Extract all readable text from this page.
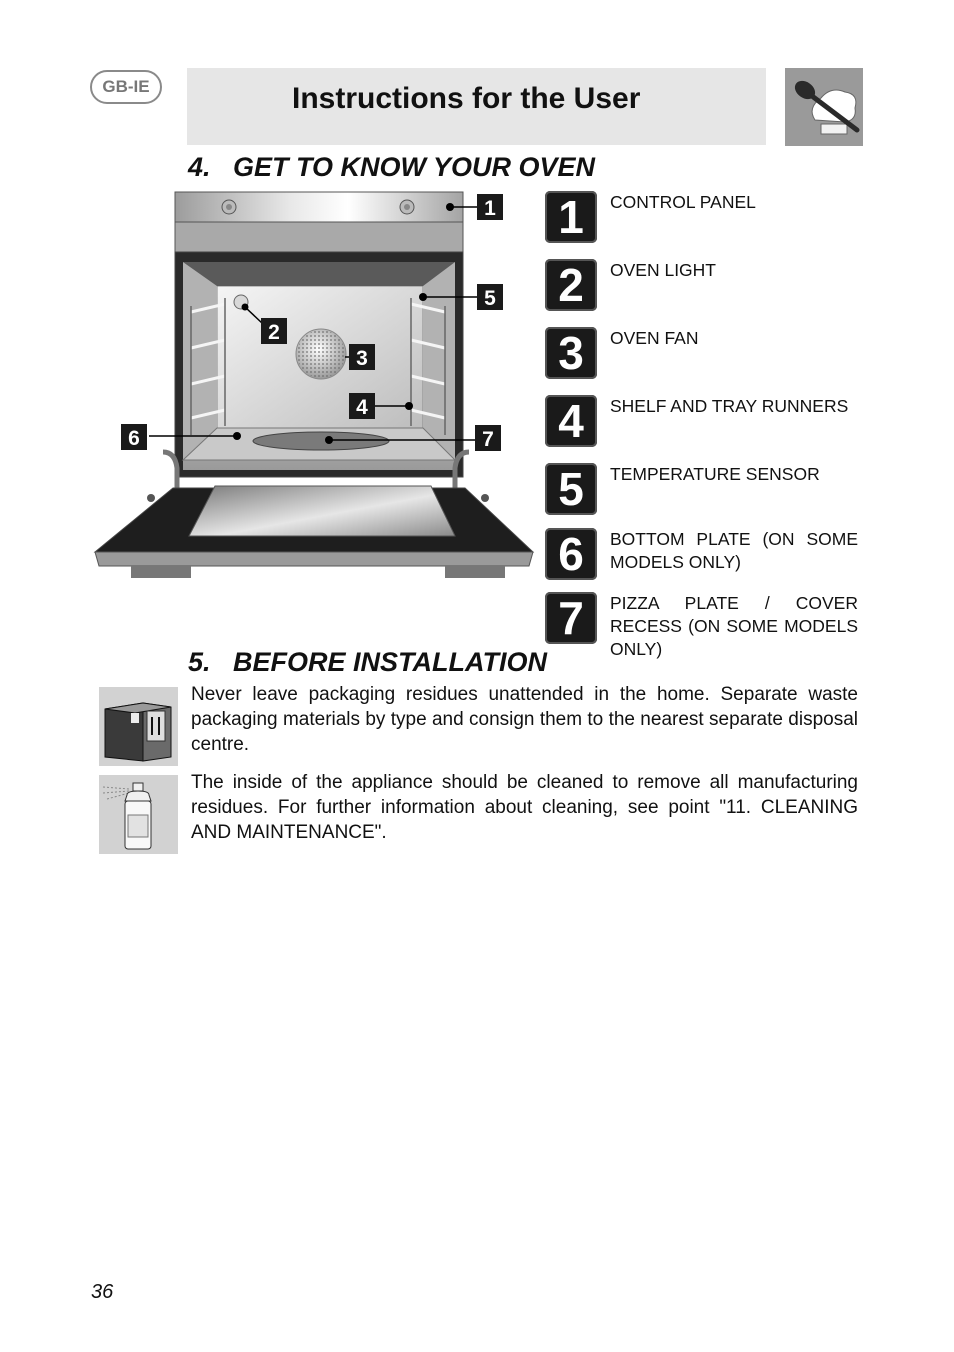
GB-IE	Instructions for the User
4. GET TO KNOW YOUR OVEN
1
2
3
4
5
6	7
1	CONTROL PANEL
2	OVEN LIGHT
3	OVEN FAN
4	SHELF AND TRAY RUNNERS
5	TEMPERATURE SENSOR
6	BOTTOM PLATE (ON SOME MODELS ONLY)
7	PIZZA PLATE / COVER RECESS (ON SOME MODELS ONLY)
5. BEFORE INSTALLATION
Never leave packaging residues unattended in the home. Separate waste packaging materials by type and consign them to the nearest separate disposal centre.
The inside of the appliance should be cleaned to remove all manufacturing residues. For further information about cleaning, see point "11. CLEANING AND MAINTENANCE".
36
